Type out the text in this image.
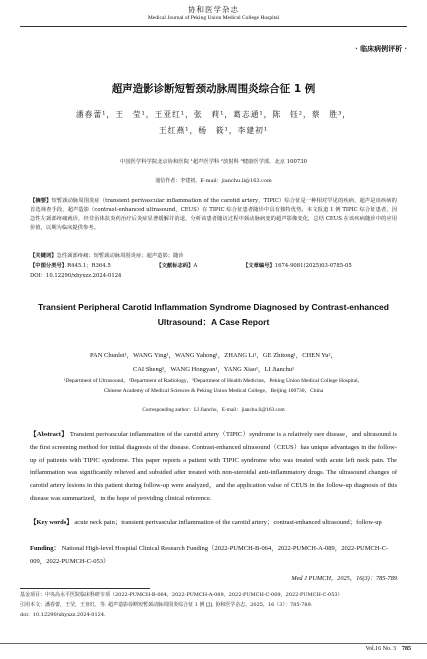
协和医学杂志
Medical Journal of Peking Union Medical College Hospital
· 临床病例评析 ·
超声造影诊断短暂颈动脉周围炎综合征 1 例
潘春蕾¹，王　莹¹，王亚红¹，张　莉¹，葛志通¹，陈　钰²，蔡　胜³，
王红燕¹，杨　筱¹，李建初¹
中国医学科学院北京协和医院 ¹超声医学科 ²放射科 ³健康医学部，北京 100730
通信作者：李建初，E-mail：jianchu.li@163.com
【摘要】短暂颈动脉周围炎症（transient perivascular inflammation of the carotid artery，TIPIC）综合征是一种相对罕见的疾病，超声是该疾病的首选筛查手段，超声造影（contrast-enhanced ultrasound，CEUS）在 TIPIC 综合征患者随诊中具有独特优势。本文报道 1 例 TIPIC 综合征患者，因急性左颈部疼痛就诊，经非甾体抗炎药治疗后炎症显著缓解并消退，分析该患者随访过程中颈动脉病变的超声影像变化，总结 CEUS 在该疾病随诊中的应用价值，以期为临床提供参考。
【关键词】急性颈部疼痛；短暂颈动脉周围炎症；超声造影；随诊
【中图分类号】R445.1；R364.5	【文献标志码】A	【文章编号】1674-9081(2025)03-0785-05
DOI：10.12290/xhyxzz.2024-0124
Transient Peripheral Carotid Inflammation Syndrome Diagnosed by Contrast-enhanced
Ultrasound：A Case Report
PAN Chunlei¹，WANG Ying¹，WANG Yahong¹，ZHANG Li¹，GE Zhitong¹，CHEN Yu²，
CAI Sheng³，WANG Hongyan¹，YANG Xiao¹，LI Jianchu¹
¹Department of Ultrasound，²Department of Radiology，³Department of Health Medicine，Peking Union Medical College Hospital，
Chinese Academy of Medical Sciences & Peking Union Medical College，Beijing 100730，China
Corresponding author：LI Jianchu，E-mail：jianchu.li@163.com
【Abstract】 Transient perivascular inflammation of the carotid artery（TIPIC）syndrome is a relatively rare disease，and ultrasound is the first screening method for initial diagnosis of the disease. Contrast-enhanced ultrasound（CEUS）has unique advantages in the follow-up of patients with TIPIC syndrome. This paper reports a patient with TIPIC syndrome who was treated with acute left neck pain. The inflammation was significantly relieved and subsided after treated with non-steroidal anti-inflammatory drugs. The ultrasound changes of carotid artery lesions in this patient during follow-up were analyzed，and the application value of CEUS in the follow-up diagnosis of this disease was summarized，in the hope of providing clinical reference.
【Key words】 acute neck pain；transient perivascular inflammation of the carotid artery；contrast-enhanced ultrasound；follow-up
Funding： National High-level Hospital Clinical Research Funding（2022-PUMCH-B-064，2022-PUMCH-A-089，2022-PUMCH-C-009，2022-PUMCH-C-053）
Med J PUMCH，2025，16(3)：785-789
基金项目：中央高水平医院临床科研专项（2022-PUMCH-B-064，2022-PUMCH-A-089，2022-PUMCH-C-009，2022-PUMCH-C-053）
引用本文：潘春蕾，王莹，王亚红，等. 超声造影诊断短暂颈动脉周围炎综合征 1 例 [J]. 协和医学杂志，2025，16（3）：785-789.
doi：10.12290/xhyxzz.2024-0124.
Vol.16 No. 3 785
